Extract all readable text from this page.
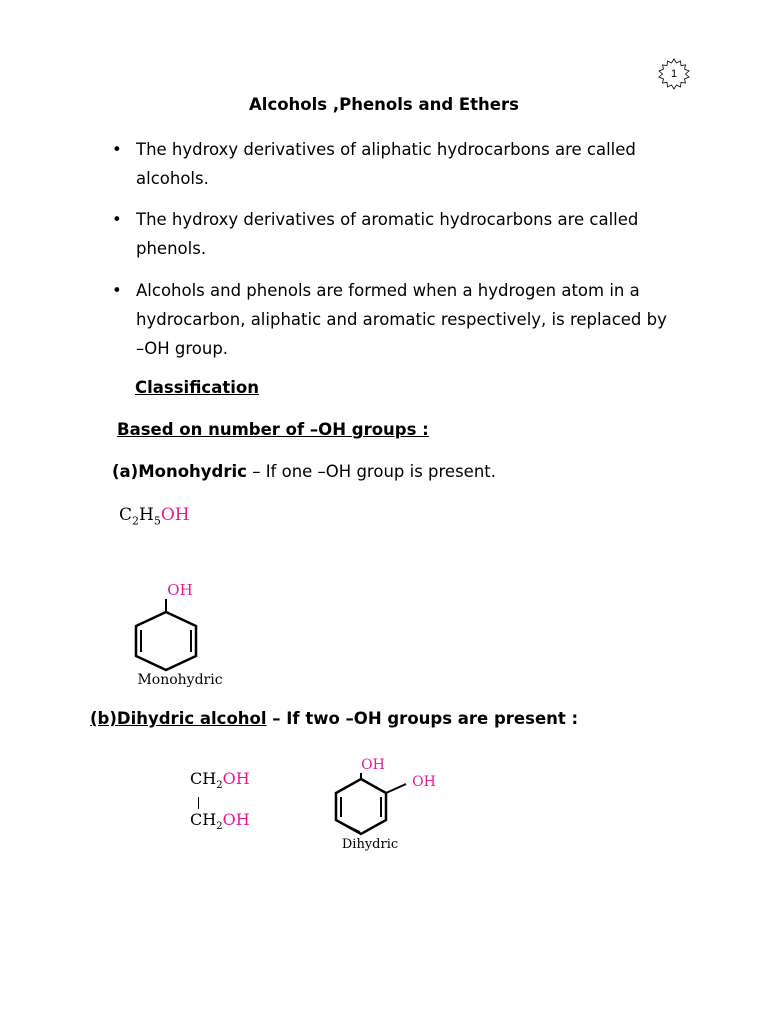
1
Alcohols ,Phenols and Ethers
• The hydroxy derivatives of aliphatic hydrocarbons are called alcohols.
• The hydroxy derivatives of aromatic hydrocarbons are called phenols.
• Alcohols and phenols are formed when a hydrogen atom in a hydrocarbon, aliphatic and aromatic respectively, is replaced by –OH group.
Classification
Based on number of –OH groups :
(a)Monohydric – If one –OH group is present.
$C_2H_5OH$
OH
Monohydric
(b)Dihydric alcohol – If two –OH groups are present :
$CH_2OH$
$CH_2OH$
OH
OH
Dihydric
